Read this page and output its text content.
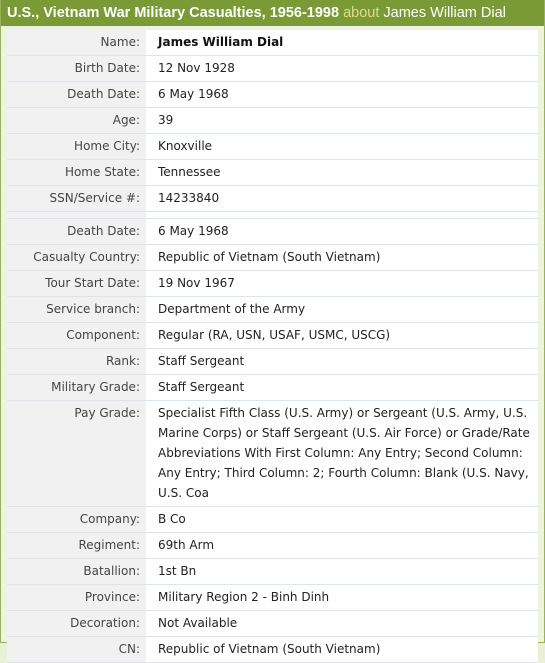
U.S., Vietnam War Military Casualties, 1956-1998 about James William Dial
Name:	James William Dial
Birth Date:	12 Nov 1928
Death Date:	6 May 1968
Age:	39
Home City:	Knoxville
Home State:	Tennessee
SSN/Service #:	14233840

Death Date:	6 May 1968
Casualty Country:	Republic of Vietnam (South Vietnam)
Tour Start Date:	19 Nov 1967
Service branch:	Department of the Army
Component:	Regular (RA, USN, USAF, USMC, USCG)
Rank:	Staff Sergeant
Military Grade:	Staff Sergeant
Pay Grade:	Specialist Fifth Class (U.S. Army) or Sergeant (U.S. Army, U.S. Marine Corps) or Staff Sergeant (U.S. Air Force) or Grade/Rate Abbreviations With First Column: Any Entry; Second Column: Any Entry; Third Column: 2; Fourth Column: Blank (U.S. Navy, U.S. Coa
Company:	B Co
Regiment:	69th Arm
Batallion:	1st Bn
Province:	Military Region 2 - Binh Dinh
Decoration:	Not Available
CN:	Republic of Vietnam (South Vietnam)
